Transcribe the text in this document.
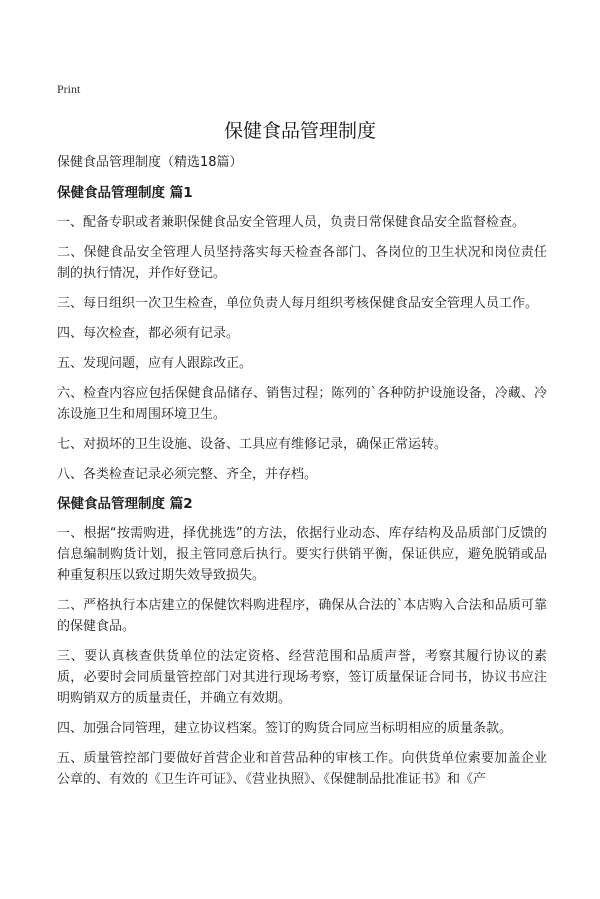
Print
保健食品管理制度

保健食品管理制度（精选18篇）

保健食品管理制度 篇1

一、配备专职或者兼职保健食品安全管理人员，负责日常保健食品安全监督检查。

二、保健食品安全管理人员坚持落实每天检查各部门、各岗位的卫生状况和岗位责任制的执行情况，并作好登记。

三、每日组织一次卫生检查，单位负责人每月组织考核保健食品安全管理人员工作。

四、每次检查，都必须有记录。

五、发现问题，应有人跟踪改正。

六、检查内容应包括保健食品储存、销售过程；陈列的`各种防护设施设备，冷藏、冷冻设施卫生和周围环境卫生。

七、对损坏的卫生设施、设备、工具应有维修记录，确保正常运转。

八、各类检查记录必须完整、齐全，并存档。

保健食品管理制度 篇2

一、根据“按需购进，择优挑选”的方法，依据行业动态、库存结构及品质部门反馈的信息编制购货计划，报主管同意后执行。要实行供销平衡，保证供应，避免脱销或品种重复积压以致过期失效导致损失。

二、严格执行本店建立的保健饮料购进程序，确保从合法的`本店购入合法和品质可靠的保健食品。

三、要认真核查供货单位的法定资格、经营范围和品质声誉，考察其履行协议的素质，必要时会同质量管控部门对其进行现场考察，签订质量保证合同书，协议书应注明购销双方的质量责任，并确立有效期。

四、加强合同管理，建立协议档案。签订的购货合同应当标明相应的质量条款。

五、质量管控部门要做好首营企业和首营品种的审核工作。向供货单位索要加盖企业公章的、有效的《卫生许可证》、《营业执照》、《保健制品批准证书》和《产
